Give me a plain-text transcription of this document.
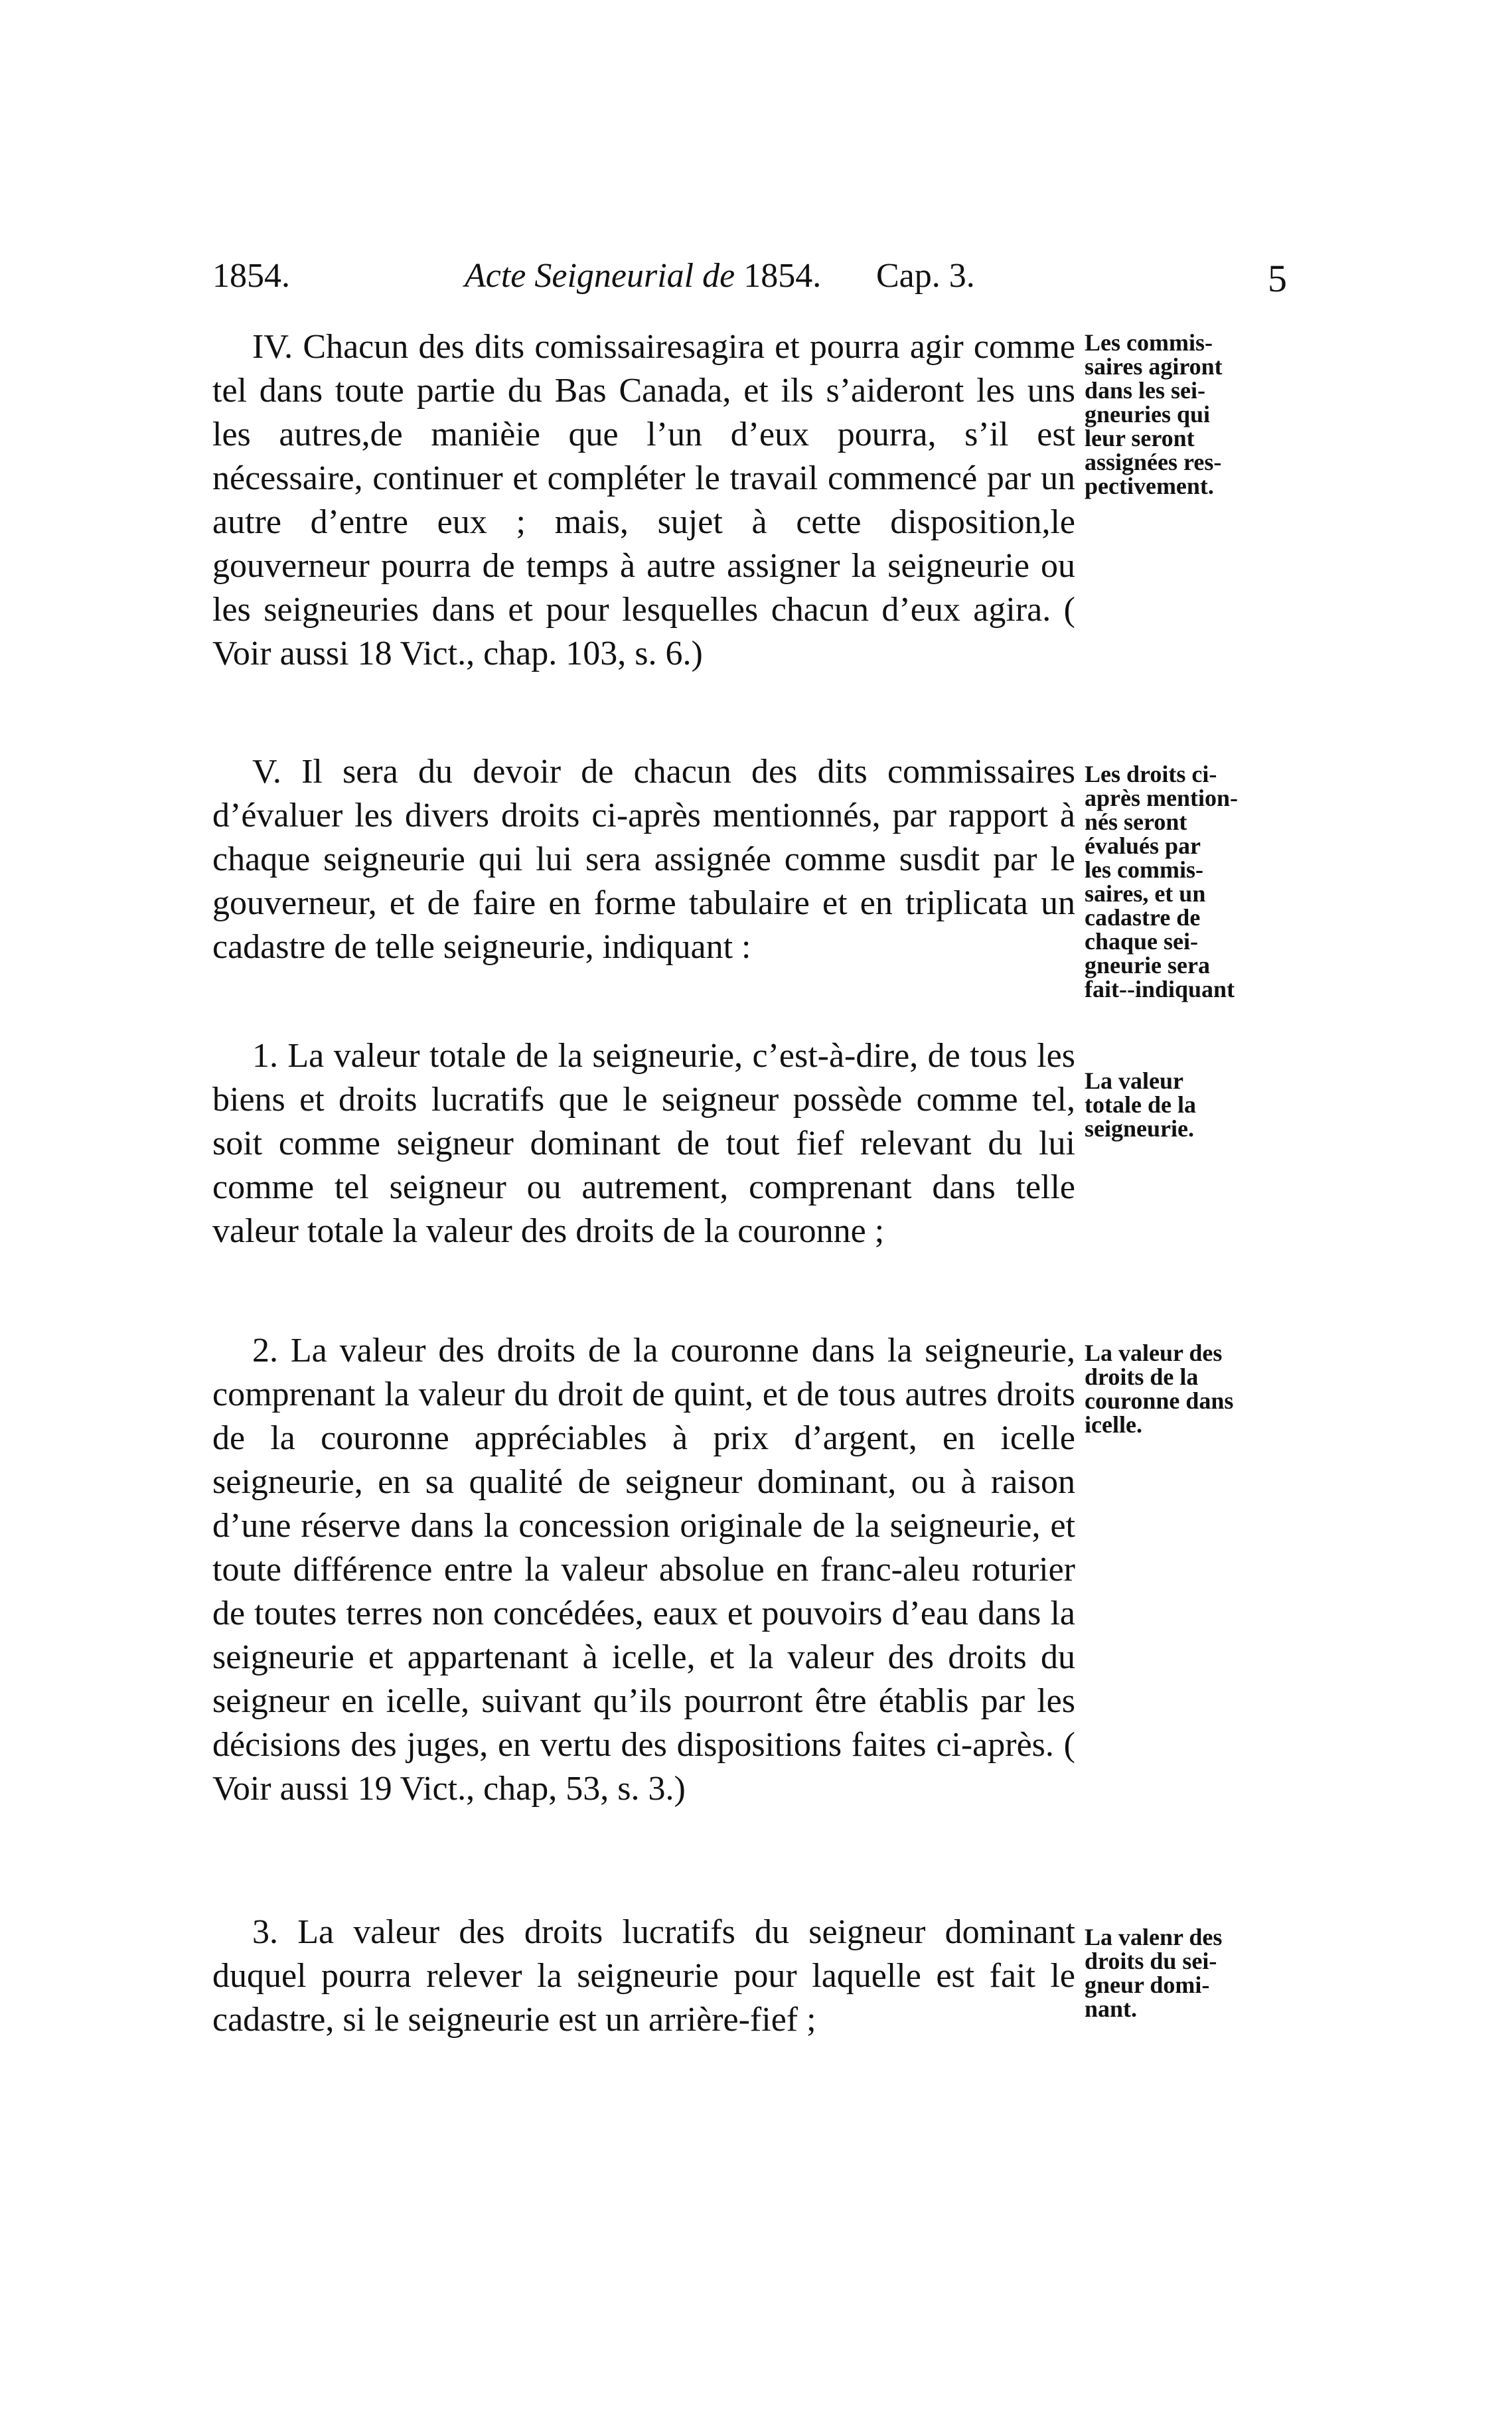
1854.	Acte Seigneurial de 1854. Cap. 3.	5

IV. Chacun des dits comissairesagira et pourra agir comme tel dans toute partie du Bas Canada, et ils s’aideront les uns les autres,de manièie que l’un d’eux pourra, s’il est nécessaire, continuer et compléter le travail commencé par un autre d’entre eux ; mais, sujet à cette disposition,le gouverneur pourra de temps à autre assigner la seigneurie ou les seigneuries dans et pour lesquelles chacun d’eux agira. ( Voir aussi 18 Vict., chap. 103, s. 6.)

Les commis-
saires agiront
dans les sei-
gneuries qui
leur seront
assignées res-
pectivement.

V. Il sera du devoir de chacun des dits commissaires d’évaluer les divers droits ci-après mentionnés, par rapport à chaque seigneurie qui lui sera assignée comme susdit par le gouverneur, et de faire en forme tabulaire et en triplicata un cadastre de telle seigneurie, indiquant :

Les droits ci-
après mention-
nés seront
évalués par
les commis-
saires, et un
cadastre de
chaque sei-
gneurie sera
fait--indiquant

1. La valeur totale de la seigneurie, c’est-à-dire, de tous les biens et droits lucratifs que le seigneur possède comme tel, soit comme seigneur dominant de tout fief relevant du lui comme tel seigneur ou autrement, comprenant dans telle valeur totale la valeur des droits de la couronne ;

La valeur
totale de la
seigneurie.

2. La valeur des droits de la couronne dans la seigneurie, comprenant la valeur du droit de quint, et de tous autres droits de la couronne appréciables à prix d’argent, en icelle seigneurie, en sa qualité de seigneur dominant, ou à raison d’une réserve dans la concession originale de la seigneurie, et toute différence entre la valeur absolue en franc-aleu roturier de toutes terres non concédées, eaux et pouvoirs d’eau dans la seigneurie et appartenant à icelle, et la valeur des droits du seigneur en icelle, suivant qu’ils pourront être établis par les décisions des juges, en vertu des dispositions faites ci-après. ( Voir aussi 19 Vict., chap, 53, s. 3.)

La valeur des
droits de la
couronne dans
icelle.

3. La valeur des droits lucratifs du seigneur dominant duquel pourra relever la seigneurie pour laquelle est fait le cadastre, si le seigneurie est un arrière-fief ;

La valenr des
droits du sei-
gneur domi-
nant.
